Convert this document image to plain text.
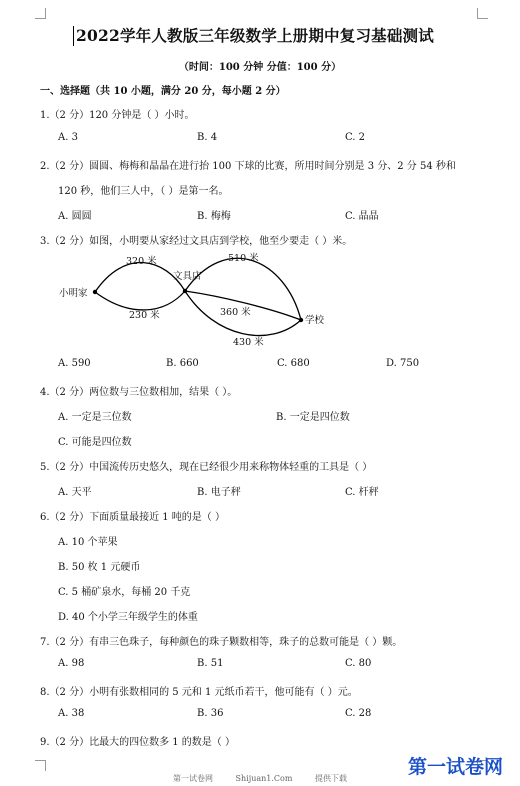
2022学年人教版三年级数学上册期中复习基础测试
（时间：100 分钟 分值：100 分）
一、选择题（共 10 小题，满分 20 分，每小题 2 分）
1.（2 分）120 分钟是（ ）小时。
A. 3	B. 4	C. 2
2.（2 分）圆圆、梅梅和晶晶在进行抬 100 下球的比赛，所用时间分别是 3 分、2 分 54 秒和
120 秒，他们三人中，（ ）是第一名。
A. 圆圆	B. 梅梅	C. 晶晶
3.（2 分）如图，小明要从家经过文具店到学校，他至少要走（ ）米。
小明家
文具店
学校
320 米
230 米
510 米
360 米
430 米
A. 590	B. 660	C. 680	D. 750
4.（2 分）两位数与三位数相加，结果（ ）。
A. 一定是三位数	B. 一定是四位数
C. 可能是四位数
5.（2 分）中国流传历史悠久，现在已经很少用来称物体轻重的工具是（ ）
A. 天平	B. 电子秤	C. 杆秤
6.（2 分）下面质量最接近 1 吨的是（ ）
A. 10 个苹果
B. 50 枚 1 元硬币
C. 5 桶矿泉水，每桶 20 千克
D. 40 个小学三年级学生的体重
7.（2 分）有串三色珠子，每种颜色的珠子颗数相等，珠子的总数可能是（ ）颗。
A. 98	B. 51	C. 80
8.（2 分）小明有张数相同的 5 元和 1 元纸币若干，他可能有（ ）元。
A. 38	B. 36	C. 28
9.（2 分）比最大的四位数多 1 的数是（ ）
第一试卷网	Shijuan1.Com	提供下载
第一试卷网
